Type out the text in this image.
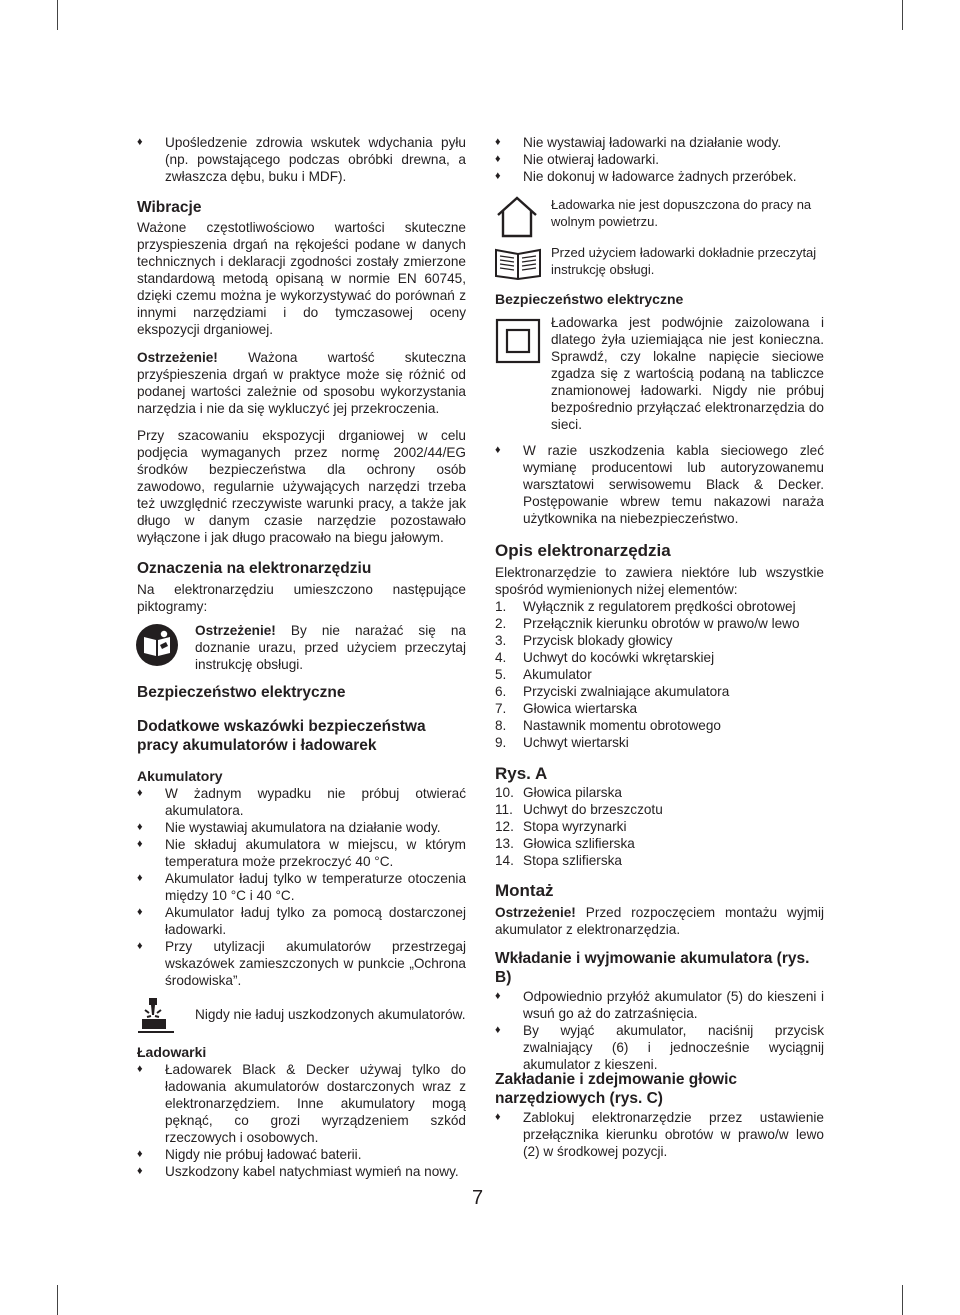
♦ Upośledzenie zdrowia wskutek wdychania pyłu (np. powstającego podczas obróbki drewna, a zwłaszcza dębu, buku i MDF).

Wibracje

Ważone częstotliwościowo wartości skuteczne przyspieszenia drgań na rękojeści podane w danych technicznych i deklaracji zgodności zostały zmierzone standardową metodą opisaną w normie EN 60745, dzięki czemu można je wykorzystywać do porównań z innymi narzędziami i do tymczasowej oceny ekspozycji drganiowej.

Ostrzeżenie! Ważona wartość skuteczna przyśpieszenia drgań w praktyce może się różnić od podanej wartości zależnie od sposobu wykorzystania narzędzia i nie da się wykluczyć jej przekroczenia.

Przy szacowaniu ekspozycji drganiowej w celu podjęcia wymaganych przez normę 2002/44/EG środków bezpieczeństwa dla ochrony osób zawodowo, regularnie używających narzędzi trzeba też uwzględnić rzeczywiste warunki pracy, a także jak długo w danym czasie narzędzie pozostawało wyłączone i jak długo pracowało na biegu jałowym.

Oznaczenia na elektronarzędziu

Na elektronarzędziu umieszczono następujące piktogramy:

Ostrzeżenie! By nie narażać się na doznanie urazu, przed użyciem przeczytaj instrukcję obsługi.

Bezpieczeństwo elektryczne

Dodatkowe wskazówki bezpieczeństwa pracy akumulatorów i ładowarek

Akumulatory

♦ W żadnym wypadku nie próbuj otwierać akumulatora.

♦ Nie wystawiaj akumulatora na działanie wody.

♦ Nie składuj akumulatora w miejscu, w którym temperatura może przekroczyć 40 °C.

♦ Akumulator ładuj tylko w temperaturze otoczenia między 10 °C i 40 °C.

♦ Akumulator ładuj tylko za pomocą dostarczonej ładowarki.

♦ Przy utylizacji akumulatorów przestrzegaj wskazówek zamieszczonych w punkcie „Ochrona środowiska”.

Nigdy nie ładuj uszkodzonych akumulatorów.

Ładowarki

♦ Ładowarek Black & Decker używaj tylko do ładowania akumulatorów dostarczonych wraz z elektronarzędziem. Inne akumulatory mogą pęknąć, co grozi wyrządzeniem szkód rzeczowych i osobowych.

♦ Nigdy nie próbuj ładować baterii.

♦ Uszkodzony kabel natychmiast wymień na nowy.

♦ Nie wystawiaj ładowarki na działanie wody.

♦ Nie otwieraj ładowarki.

♦ Nie dokonuj w ładowarce żadnych przeróbek.

Ładowarka nie jest dopuszczona do pracy na wolnym powietrzu.

Przed użyciem ładowarki dokładnie przeczytaj instrukcję obsługi.

Bezpieczeństwo elektryczne

Ładowarka jest podwójnie zaizolowana i dlatego żyła uziemiająca nie jest konieczna. Sprawdź, czy lokalne napięcie sieciowe zgadza się z wartością podaną na tabliczce znamionowej ładowarki. Nigdy nie próbuj bezpośrednio przyłączać elektronarzędzia do sieci.

♦ W razie uszkodzenia kabla sieciowego zleć wymianę producentowi lub autoryzowanemu warsztatowi serwisowemu Black & Decker. Postępowanie wbrew temu nakazowi naraża użytkownika na niebezpieczeństwo.

Opis elektronarzędzia

Elektronarzędzie to zawiera niektóre lub wszystkie spośród wymienionych niżej elementów:

1. Wyłącznik z regulatorem prędkości obrotowej

2. Przełącznik kierunku obrotów w prawo/w lewo

3. Przycisk blokady głowicy

4. Uchwyt do kocówki wkrętarskiej

5. Akumulator

6. Przyciski zwalniające akumulatora

7. Głowica wiertarska

8. Nastawnik momentu obrotowego

9. Uchwyt wiertarski

Rys. A

10. Głowica pilarska

11. Uchwyt do brzeszczotu

12. Stopa wyrzynarki

13. Głowica szlifierska

14. Stopa szlifierska

Montaż

Ostrzeżenie! Przed rozpoczęciem montażu wyjmij akumulator z elektronarzędzia.

Wkładanie i wyjmowanie akumulatora (rys. B)

♦ Odpowiednio przyłóż akumulator (5) do kieszeni i wsuń go aż do zatrzaśnięcia.

♦ By wyjąć akumulator, naciśnij przycisk zwalniający (6) i jednocześnie wyciągnij akumulator z kieszeni.

Zakładanie i zdejmowanie głowic narzędziowych (rys. C)

♦ Zablokuj elektronarzędzie przez ustawienie przełącznika kierunku obrotów w prawo/w lewo (2) w środkowej pozycji.

7
